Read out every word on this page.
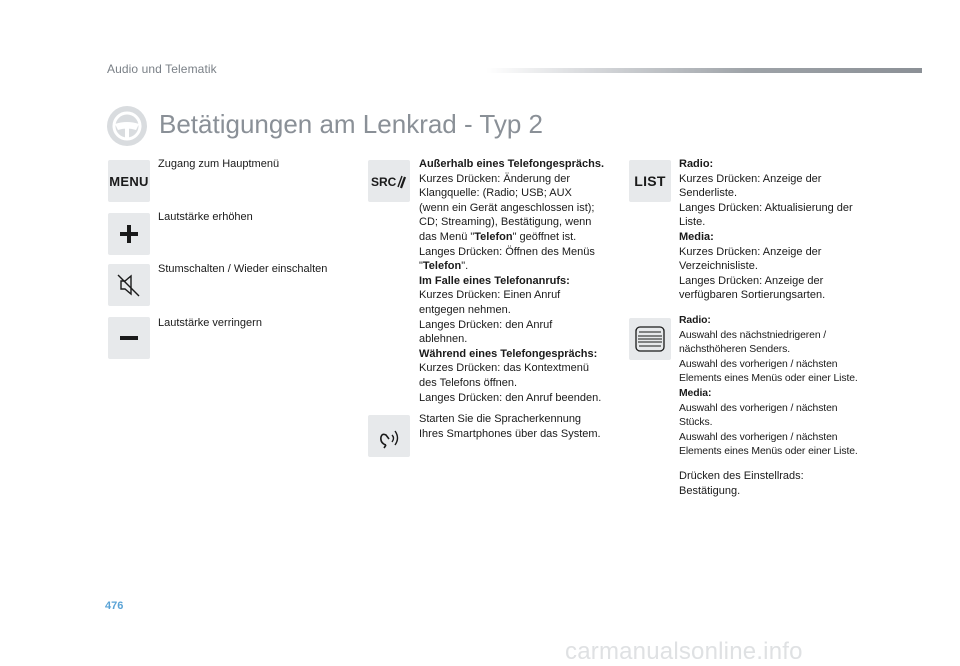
Audio und Telematik
Betätigungen am Lenkrad - Typ 2
MENU
Zugang zum Hauptmenü
Lautstärke erhöhen
Stumschalten / Wieder einschalten
Lautstärke verringern
SRC

Außerhalb eines Telefongesprächs.

Kurzes Drücken: Änderung der

Klangquelle: (Radio; USB; AUX

(wenn ein Gerät angeschlossen ist);

CD; Streaming), Bestätigung, wenn

das Menü "Telefon" geöffnet ist.

Langes Drücken: Öffnen des Menüs

"Telefon".

Im Falle eines Telefonanrufs:

Kurzes Drücken: Einen Anruf

entgegen nehmen.

Langes Drücken: den Anruf

ablehnen.

Während eines Telefongesprächs:

Kurzes Drücken: das Kontextmenü

des Telefons öffnen.

Langes Drücken: den Anruf beenden.

Starten Sie die Spracherkennung

Ihres Smartphones über das System.

LIST

Radio:

Kurzes Drücken: Anzeige der

Senderliste.

Langes Drücken: Aktualisierung der

Liste.

Media:

Kurzes Drücken: Anzeige der

Verzeichnisliste.

Langes Drücken: Anzeige der

verfügbaren Sortierungsarten.

Radio:

Auswahl des nächstniedrigeren /

nächsthöheren Senders.

Auswahl des vorherigen / nächsten

Elements eines Menüs oder einer Liste.

Media:

Auswahl des vorherigen / nächsten

Stücks.

Auswahl des vorherigen / nächsten

Elements eines Menüs oder einer Liste.

Drücken des Einstellrads:

Bestätigung.

476
carmanualsonline.info
